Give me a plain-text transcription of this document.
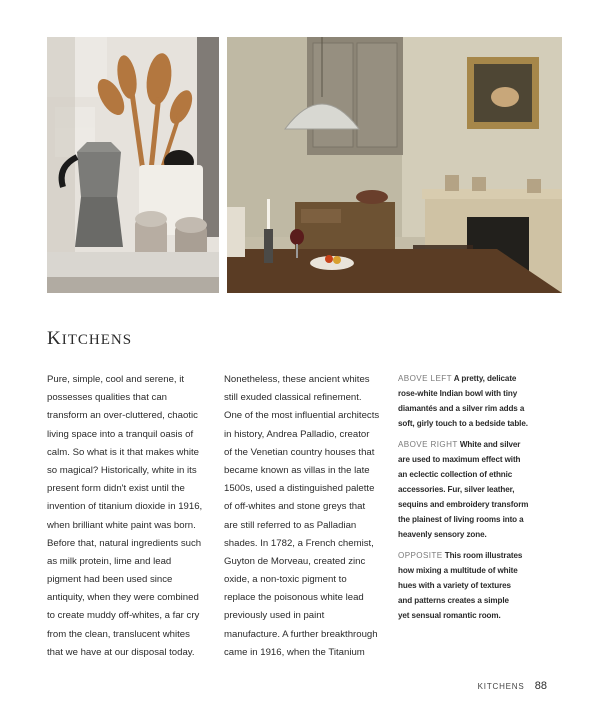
KITCHENS
Pure, simple, cool and serene, it
possesses qualities that can
transform an over-cluttered, chaotic
living space into a tranquil oasis of
calm. So what is it that makes white
so magical? Historically, white in its
present form didn't exist until the
invention of titanium dioxide in 1916,
when brilliant white paint was born.
Before that, natural ingredients such
as milk protein, lime and lead
pigment had been used since
antiquity, when they were combined
to create muddy off-whites, a far cry
from the clean, translucent whites
that we have at our disposal today.
Nonetheless, these ancient whites
still exuded classical refinement.
One of the most influential architects
in history, Andrea Palladio, creator
of the Venetian country houses that
became known as villas in the late
1500s, used a distinguished palette
of off-whites and stone greys that
are still referred to as Palladian
shades. In 1782, a French chemist,
Guyton de Morveau, created zinc
oxide, a non-toxic pigment to
replace the poisonous white lead
previously used in paint
manufacture. A further breakthrough
came in 1916, when the Titanium
ABOVE LEFT A pretty, delicate
rose-white Indian bowl with tiny
diamantés and a silver rim adds a
soft, girly touch to a bedside table.
ABOVE RIGHT White and silver
are used to maximum effect with
an eclectic collection of ethnic
accessories. Fur, silver leather,
sequins and embroidery transform
the plainest of living rooms into a
heavenly sensory zone.
OPPOSITE This room illustrates
how mixing a multitude of white
hues with a variety of textures
and patterns creates a simple
yet sensual romantic room.
KITCHENS 88
